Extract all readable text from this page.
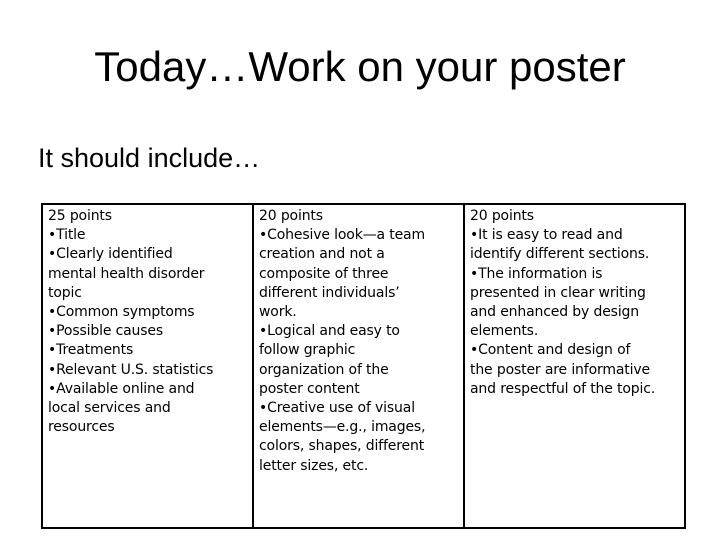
Today…Work on your poster
It should include…
25 points
•Title
•Clearly identified
mental health disorder
topic
•Common symptoms
•Possible causes
•Treatments
•Relevant U.S. statistics
•Available online and
local services and
resources

20 points
•Cohesive look—a team
creation and not a
composite of three
different individuals’
work.
•Logical and easy to
follow graphic
organization of the
poster content
•Creative use of visual
elements—e.g., images,
colors, shapes, different
letter sizes, etc.

20 points
•It is easy to read and
identify different sections.
•The information is
presented in clear writing
and enhanced by design
elements.
•Content and design of
the poster are informative
and respectful of the topic.
